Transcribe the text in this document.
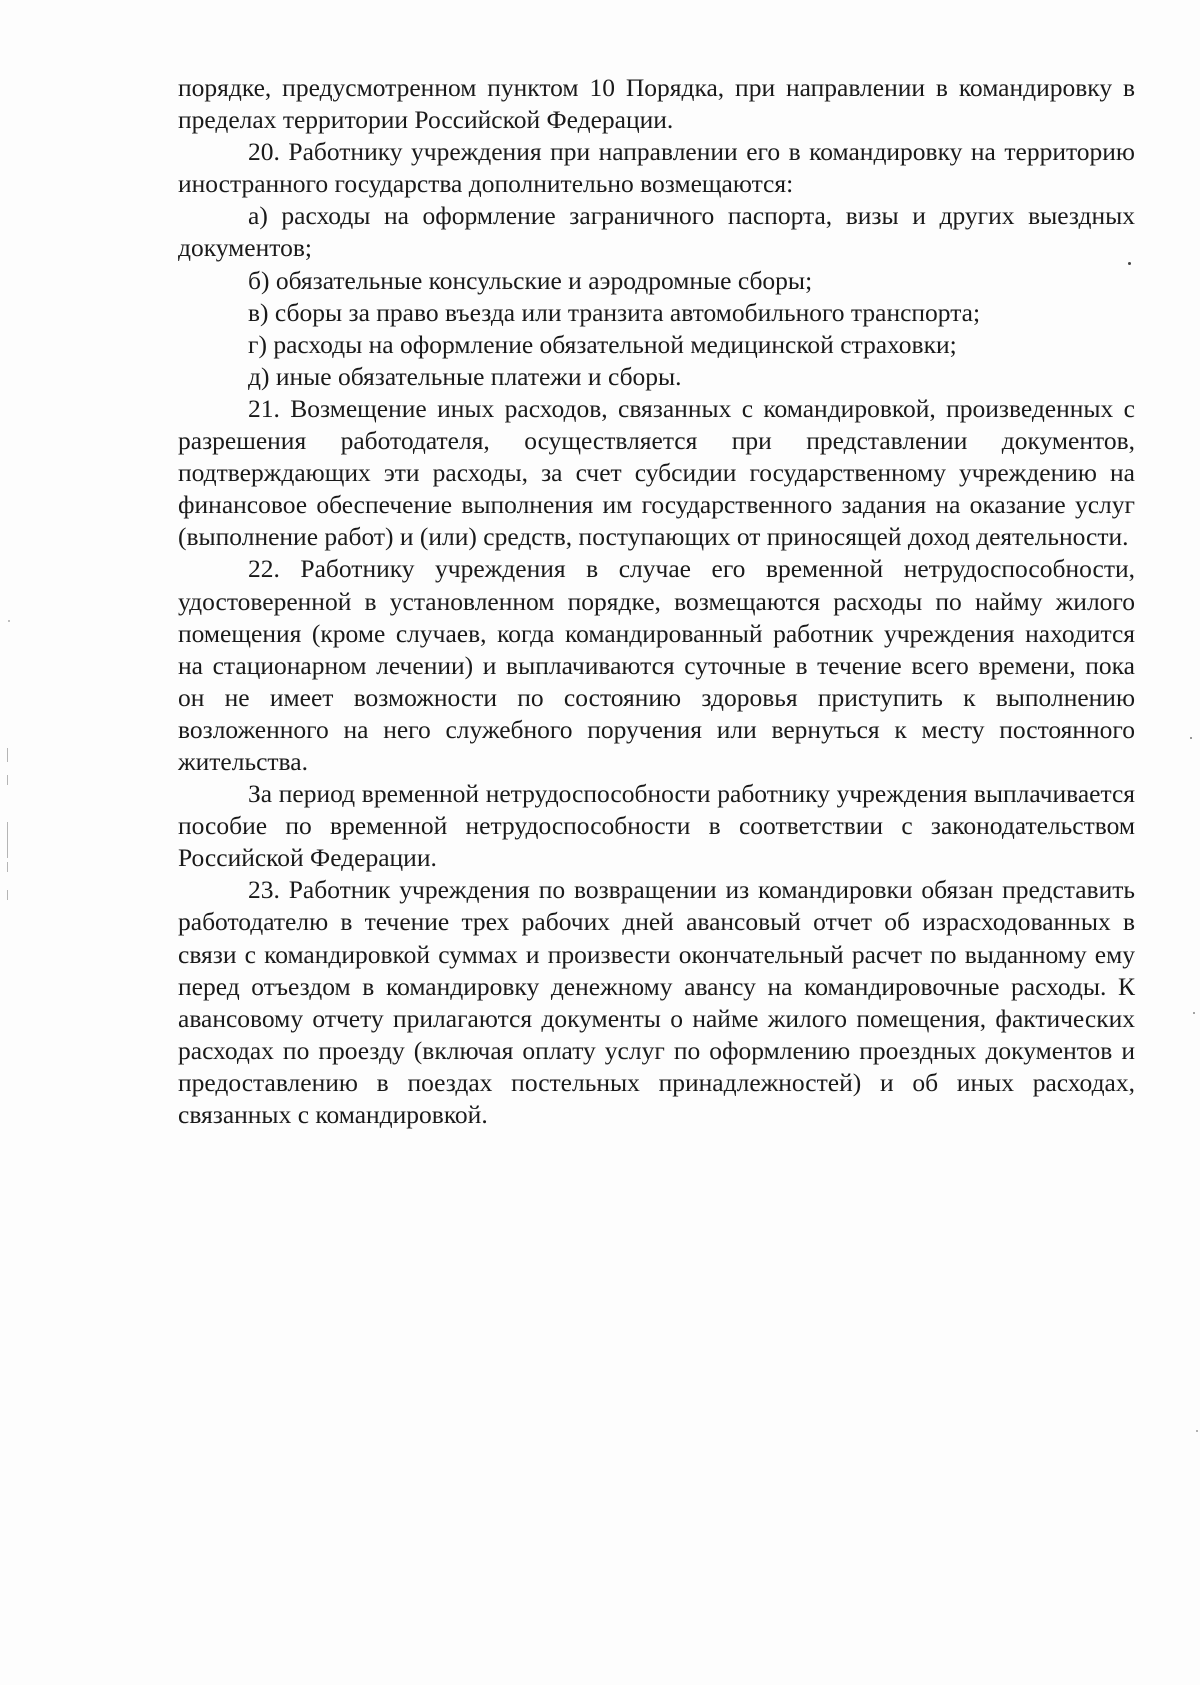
порядке, предусмотренном пунктом 10 Порядка, при направлении в командировку в пределах территории Российской Федерации.

20. Работнику учреждения при направлении его в командировку на территорию иностранного государства дополнительно возмещаются:

а) расходы на оформление заграничного паспорта, визы и других выездных документов;

б) обязательные консульские и аэродромные сборы;

в) сборы за право въезда или транзита автомобильного транспорта;

г) расходы на оформление обязательной медицинской страховки;

д) иные обязательные платежи и сборы.

21. Возмещение иных расходов, связанных с командировкой, произведенных с разрешения работодателя, осуществляется при представлении документов, подтверждающих эти расходы, за счет субсидии государственному учреждению на финансовое обеспечение выполнения им государственного задания на оказание услуг (выполнение работ) и (или) средств, поступающих от приносящей доход деятельности.

22. Работнику учреждения в случае его временной нетрудоспособности, удостоверенной в установленном порядке, возмещаются расходы по найму жилого помещения (кроме случаев, когда командированный работник учреждения находится на стационарном лечении) и выплачиваются суточные в течение всего времени, пока он не имеет возможности по состоянию здоровья приступить к выполнению возложенного на него служебного поручения или вернуться к месту постоянного жительства.

За период временной нетрудоспособности работнику учреждения выплачивается пособие по временной нетрудоспособности в соответствии с законодательством Российской Федерации.

23. Работник учреждения по возвращении из командировки обязан представить работодателю в течение трех рабочих дней авансовый отчет об израсходованных в связи с командировкой суммах и произвести окончательный расчет по выданному ему перед отъездом в командировку денежному авансу на командировочные расходы. К авансовому отчету прилагаются документы о найме жилого помещения, фактических расходах по проезду (включая оплату услуг по оформлению проездных документов и предоставлению в поездах постельных принадлежностей) и об иных расходах, связанных с командировкой.
